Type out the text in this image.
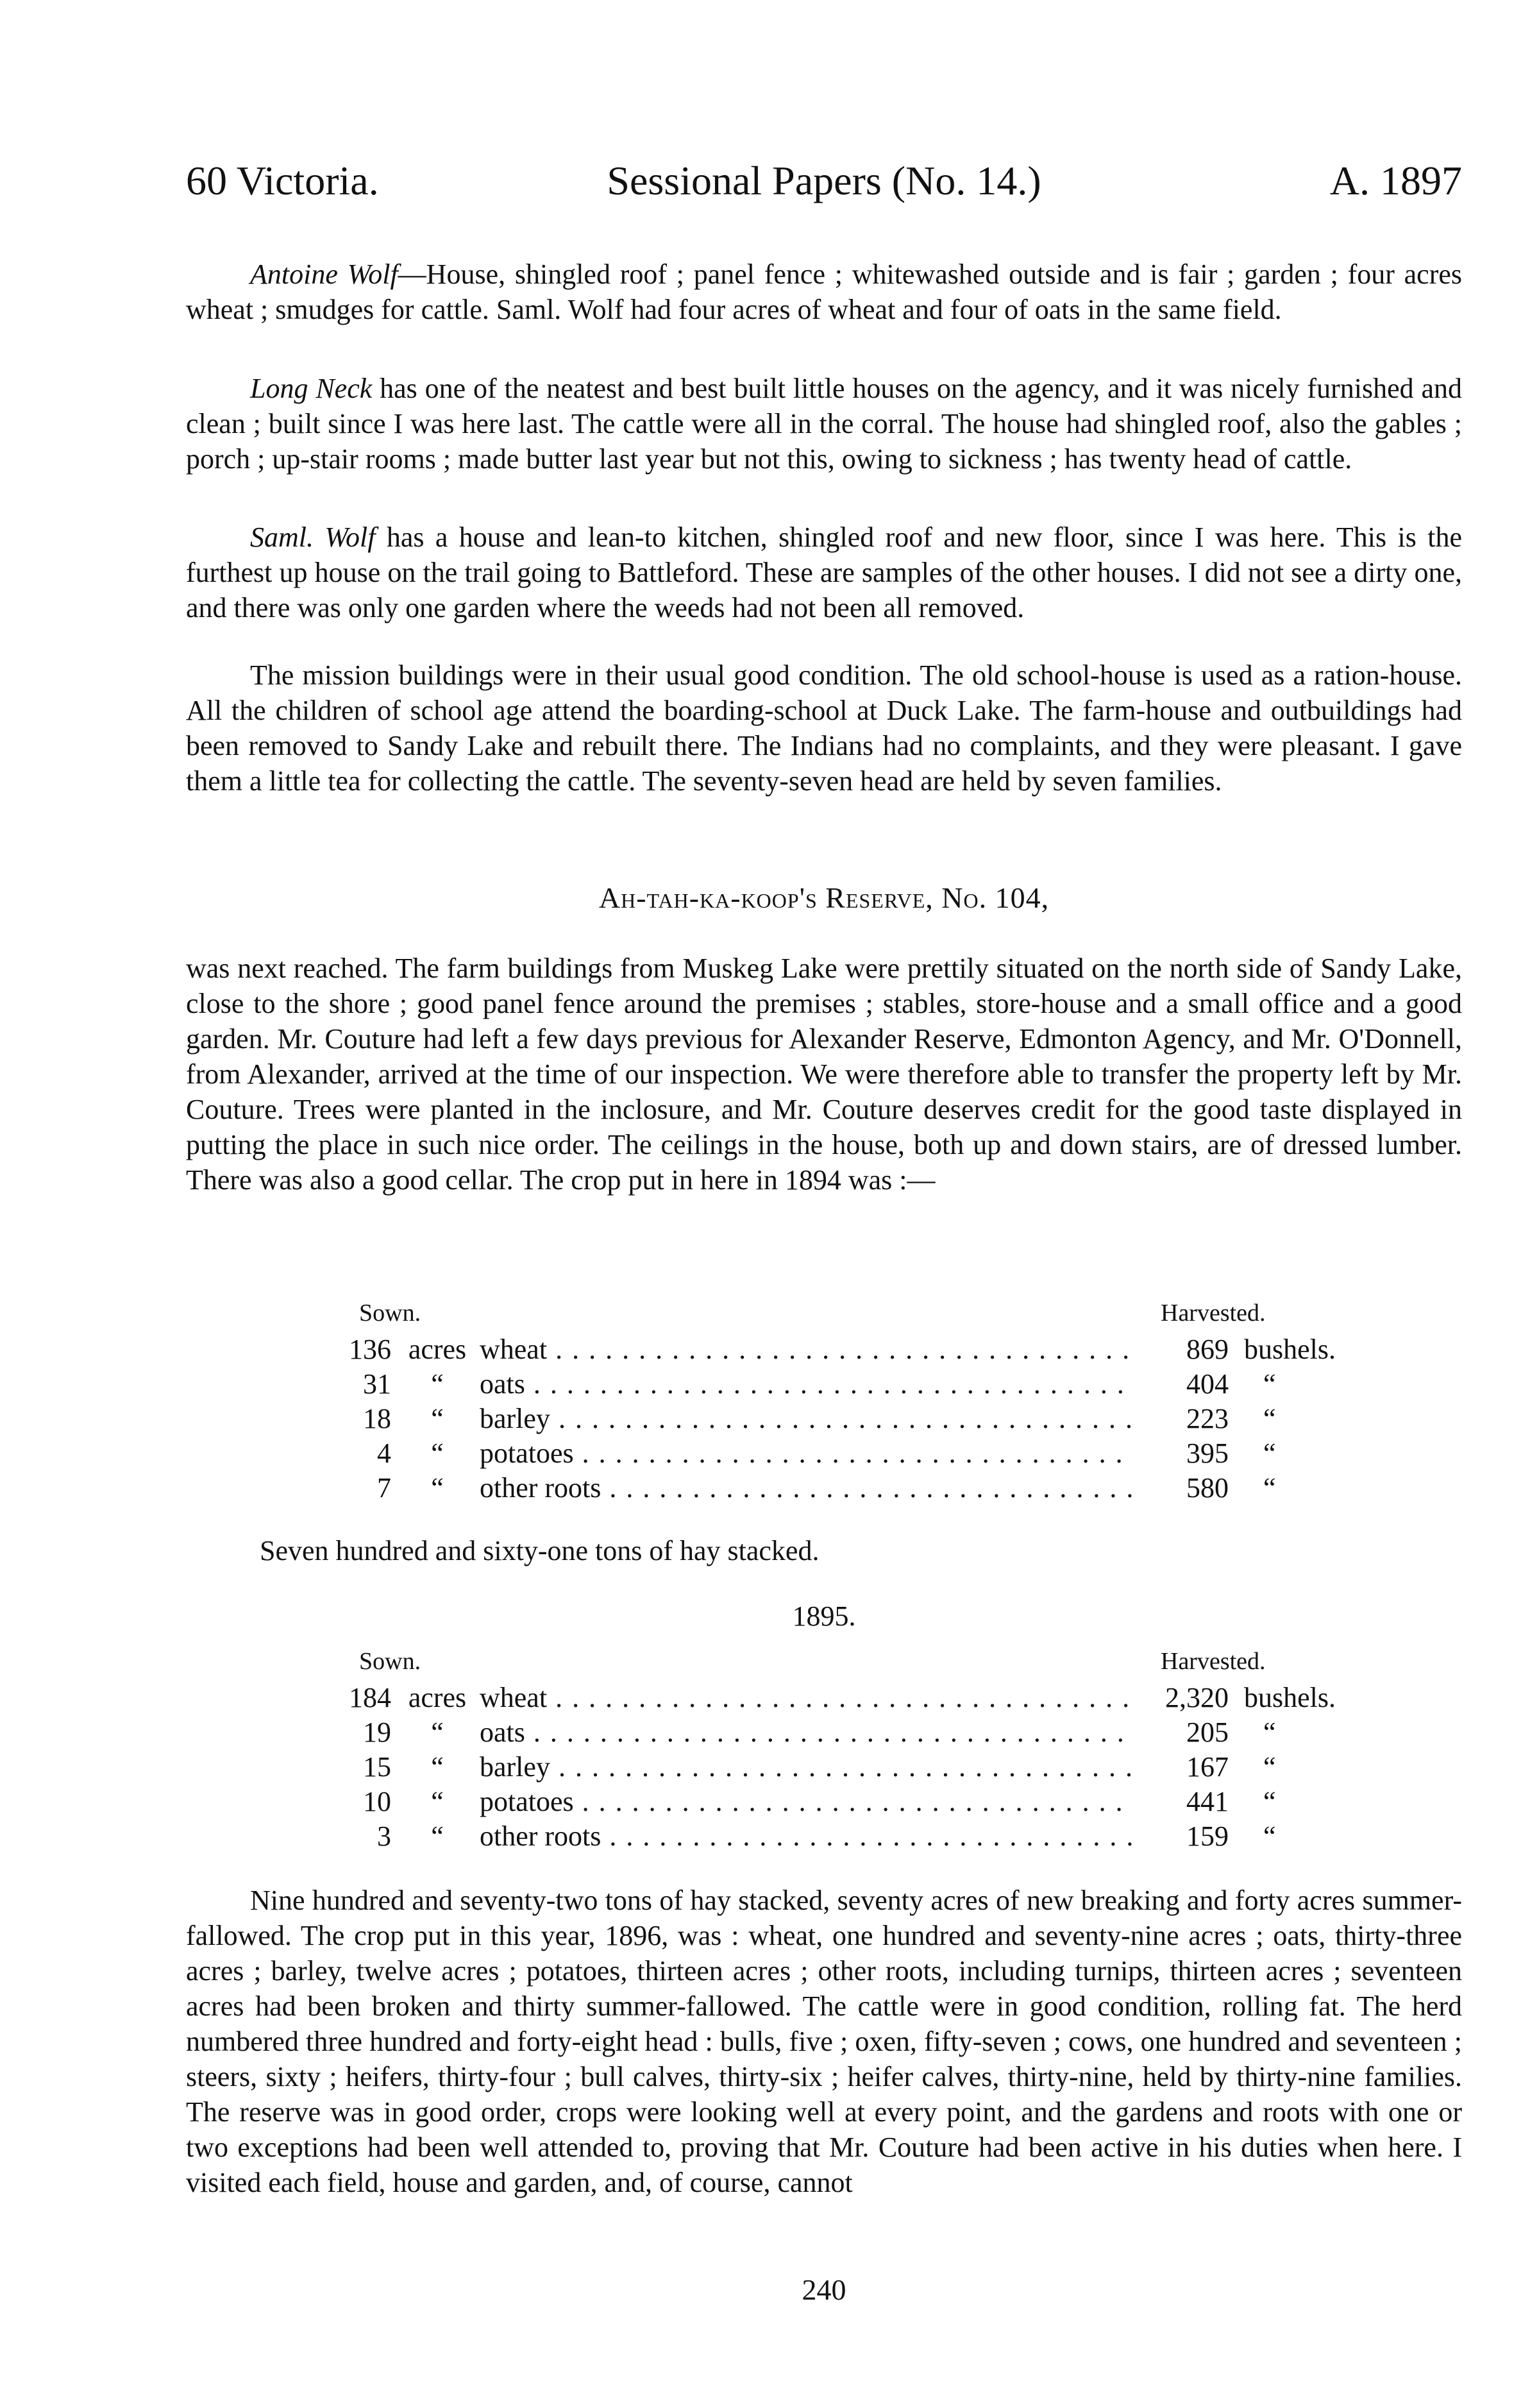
60 Victoria.	Sessional Papers (No. 14.)	A. 1897

Antoine Wolf—House, shingled roof ; panel fence ; whitewashed outside and is fair ; garden ; four acres wheat ; smudges for cattle. Saml. Wolf had four acres of wheat and four of oats in the same field.

Long Neck has one of the neatest and best built little houses on the agency, and it was nicely furnished and clean ; built since I was here last. The cattle were all in the corral. The house had shingled roof, also the gables ; porch ; up-stair rooms ; made butter last year but not this, owing to sickness ; has twenty head of cattle.

Saml. Wolf has a house and lean-to kitchen, shingled roof and new floor, since I was here. This is the furthest up house on the trail going to Battleford. These are samples of the other houses. I did not see a dirty one, and there was only one garden where the weeds had not been all removed.

The mission buildings were in their usual good condition. The old school-house is used as a ration-house. All the children of school age attend the boarding-school at Duck Lake. The farm-house and outbuildings had been removed to Sandy Lake and rebuilt there. The Indians had no complaints, and they were pleasant. I gave them a little tea for collecting the cattle. The seventy-seven head are held by seven families.

Ah-tah-ka-koop's Reserve, No. 104,

was next reached. The farm buildings from Muskeg Lake were prettily situated on the north side of Sandy Lake, close to the shore ; good panel fence around the premises ; stables, store-house and a small office and a good garden. Mr. Couture had left a few days previous for Alexander Reserve, Edmonton Agency, and Mr. O'Donnell, from Alexander, arrived at the time of our inspection. We were therefore able to transfer the property left by Mr. Couture. Trees were planted in the inclosure, and Mr. Couture deserves credit for the good taste displayed in putting the place in such nice order. The ceilings in the house, both up and down stairs, are of dressed lumber. There was also a good cellar. The crop put in here in 1894 was :—

Sown.	Harvested.
136 acres wheat . . .	869 bushels.
31	“	oats . . .	404 “
18	“	barley . . .	223 “
4	“	potatoes . . .	395 “
7	“	other roots . . .	580 “

Seven hundred and sixty-one tons of hay stacked.

1895.
Sown.	Harvested.
184 acres wheat . . .	2,320 bushels.
19	“	oats . . .	205 “
15	“	barley . . .	167 “
10	“	potatoes . . .	441 “
3	“	other roots . . .	159 “

Nine hundred and seventy-two tons of hay stacked, seventy acres of new breaking and forty acres summer-fallowed. The crop put in this year, 1896, was : wheat, one hundred and seventy-nine acres ; oats, thirty-three acres ; barley, twelve acres ; potatoes, thirteen acres ; other roots, including turnips, thirteen acres ; seventeen acres had been broken and thirty summer-fallowed. The cattle were in good condition, rolling fat. The herd numbered three hundred and forty-eight head : bulls, five ; oxen, fifty-seven ; cows, one hundred and seventeen ; steers, sixty ; heifers, thirty-four ; bull calves, thirty-six ; heifer calves, thirty-nine, held by thirty-nine families. The reserve was in good order, crops were looking well at every point, and the gardens and roots with one or two exceptions had been well attended to, proving that Mr. Couture had been active in his duties when here. I visited each field, house and garden, and, of course, cannot

240
